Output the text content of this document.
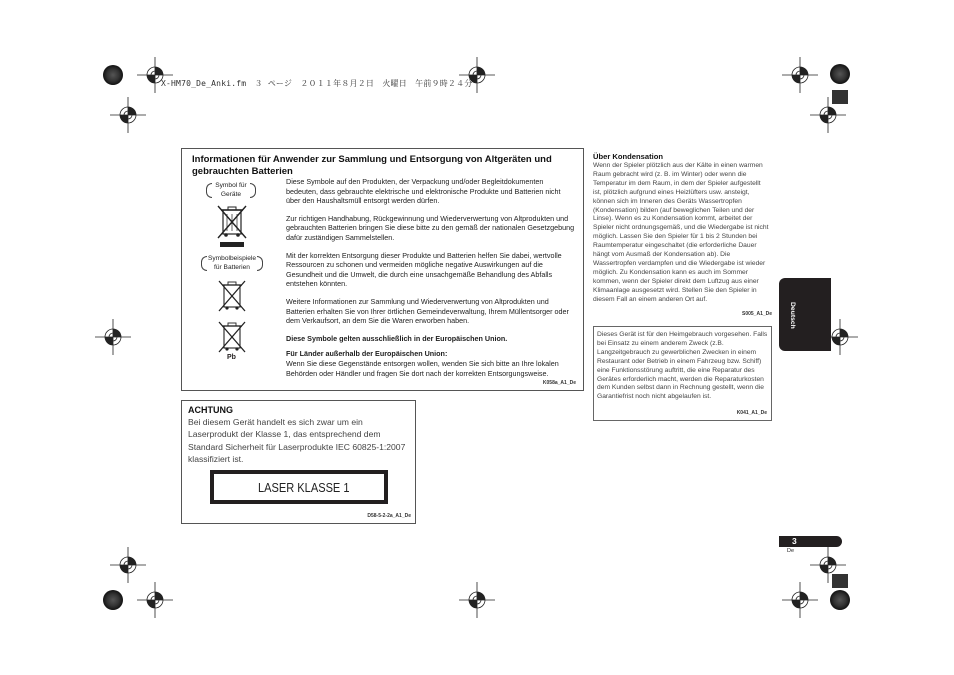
X-HM70_De_Anki.fm　３ ページ　２０１１年８月２日　火曜日　午前９時２４分
Informationen für Anwender zur Sammlung und Entsorgung von Altgeräten und gebrauchten Batterien
Symbol für
Geräte
Symbolbeispiele
für Batterien
Pb

Diese Symbole auf den Produkten, der Verpackung und/oder Begleitdokumenten bedeuten, dass gebrauchte elektrische und elektronische Produkte und Batterien nicht über den Haushaltsmüll entsorgt werden dürfen.

Zur richtigen Handhabung, Rückgewinnung und Wiederverwertung von Altprodukten und gebrauchten Batterien bringen Sie diese bitte zu den gemäß der nationalen Gesetzgebung dafür zuständigen Sammelstellen.

Mit der korrekten Entsorgung dieser Produkte und Batterien helfen Sie dabei, wertvolle Ressourcen zu schonen und vermeiden mögliche negative Auswirkungen auf die Gesundheit und die Umwelt, die durch eine unsachgemäße Behandlung des Abfalls entstehen könnten.

Weitere Informationen zur Sammlung und Wiederverwertung von Altprodukten und Batterien erhalten Sie von Ihrer örtlichen Gemeindeverwaltung, Ihrem Müllentsorger oder dem Verkaufsort, an dem Sie die Waren erworben haben.

Diese Symbole gelten ausschließlich in der Europäischen Union.

Für Länder außerhalb der Europäischen Union:

Wenn Sie diese Gegenstände entsorgen wollen, wenden Sie sich bitte an Ihre lokalen Behörden oder Händler und fragen Sie dort nach der korrekten Entsorgungsweise.

K058a_A1_De
ACHTUNG
Bei diesem Gerät handelt es sich zwar um ein Laserprodukt der Klasse 1, das entsprechend dem Standard Sicherheit für Laserprodukte IEC 60825-1:2007 klassifiziert ist.
LASER KLASSE 1
D58-5-2-2a_A1_De
Über Kondensation
Wenn der Spieler plötzlich aus der Kälte in einen warmen Raum gebracht wird (z. B. im Winter) oder wenn die Temperatur im dem Raum, in dem der Spieler aufgestellt ist, plötzlich aufgrund eines Heizlüfters usw. ansteigt, können sich im Inneren des Geräts Wassertropfen (Kondensation) bilden (auf beweglichen Teilen und der Linse). Wenn es zu Kondensation kommt, arbeitet der Spieler nicht ordnungsgemäß, und die Wiedergabe ist nicht möglich. Lassen Sie den Spieler für 1 bis 2 Stunden bei Raumtemperatur eingeschaltet (die erforderliche Dauer hängt vom Ausmaß der Kondensation ab). Die Wassertropfen verdampfen und die Wiedergabe ist wieder möglich. Zu Kondensation kann es auch im Sommer kommen, wenn der Spieler direkt dem Luftzug aus einer Klimaanlage ausgesetzt wird. Stellen Sie den Spieler in diesem Fall an einem anderen Ort auf.
S005_A1_De
Dieses Gerät ist für den Heimgebrauch vorgesehen. Falls bei Einsatz zu einem anderem Zweck (z.B. Langzeitgebrauch zu gewerblichen Zwecken in einem Restaurant oder Betrieb in einem Fahrzeug bzw. Schiff) eine Funktionsstörung auftritt, die eine Reparatur des Gerätes erforderlich macht, werden die Reparaturkosten dem Kunden selbst dann in Rechnung gestellt, wenn die Garantiefrist noch nicht abgelaufen ist.
K041_A1_De
Deutsch
3
De
